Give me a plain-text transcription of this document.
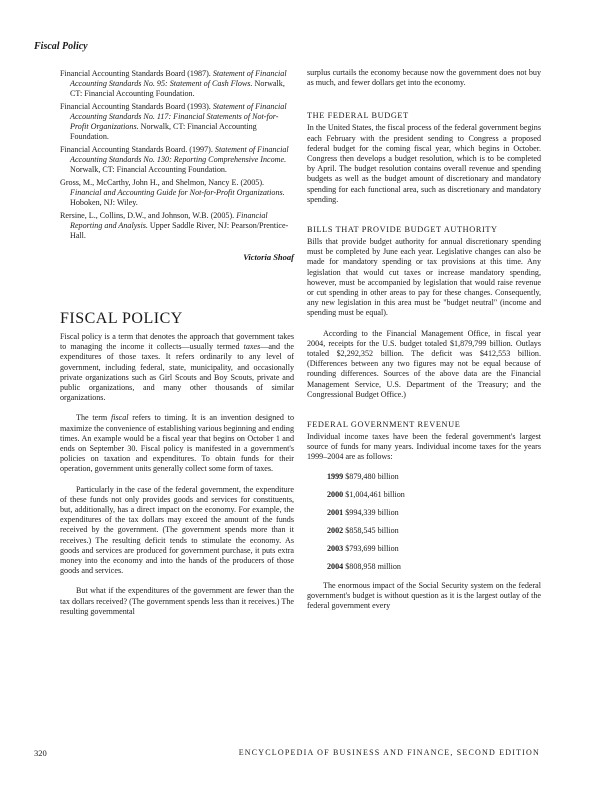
Fiscal Policy

Financial Accounting Standards Board (1987). Statement of Financial Accounting Standards No. 95: Statement of Cash Flows. Norwalk, CT: Financial Accounting Foundation.

Financial Accounting Standards Board (1993). Statement of Financial Accounting Standards No. 117: Financial Statements of Not-for-Profit Organizations. Norwalk, CT: Financial Accounting Foundation.

Financial Accounting Standards Board. (1997). Statement of Financial Accounting Standards No. 130: Reporting Comprehensive Income. Norwalk, CT: Financial Accounting Foundation.

Gross, M., McCarthy, John H., and Shelmon, Nancy E. (2005). Financial and Accounting Guide for Not-for-Profit Organizations. Hoboken, NJ: Wiley.

Rersine, L., Collins, D.W., and Johnson, W.B. (2005). Financial Reporting and Analysis. Upper Saddle River, NJ: Pearson/Prentice-Hall.

Victoria Shoaf
FISCAL POLICY

Fiscal policy is a term that denotes the approach that government takes to managing the income it collects—usually termed taxes—and the expenditures of those taxes. It refers ordinarily to any level of government, including federal, state, municipality, and occasionally private organizations such as Girl Scouts and Boy Scouts, private and public organizations, and many other thousands of similar organizations.

The term fiscal refers to timing. It is an invention designed to maximize the convenience of establishing various beginning and ending times. An example would be a fiscal year that begins on October 1 and ends on September 30. Fiscal policy is manifested in a government's policies on taxation and expenditures. To obtain funds for their operation, government units generally collect some form of taxes.

Particularly in the case of the federal government, the expenditure of these funds not only provides goods and services for constituents, but, additionally, has a direct impact on the economy. For example, the expenditures of the tax dollars may exceed the amount of the funds received by the government. (The government spends more than it receives.) The resulting deficit tends to stimulate the economy. As goods and services are produced for government purchase, it puts extra money into the economy and into the hands of the producers of those goods and services.

But what if the expenditures of the government are fewer than the tax dollars received? (The government spends less than it receives.) The resulting governmental

surplus curtails the economy because now the government does not buy as much, and fewer dollars get into the economy.

THE FEDERAL BUDGET

In the United States, the fiscal process of the federal government begins each February with the president sending to Congress a proposed federal budget for the coming fiscal year, which begins in October. Congress then develops a budget resolution, which is to be completed by April. The budget resolution contains overall revenue and spending budgets as well as the budget amount of discretionary and mandatory spending for each functional area, such as discretionary and mandatory spending.

BILLS THAT PROVIDE BUDGET AUTHORITY

Bills that provide budget authority for annual discretionary spending must be completed by June each year. Legislative changes can also be made for mandatory spending or tax provisions at this time. Any legislation that would cut taxes or increase mandatory spending, however, must be accompanied by legislation that would raise revenue or cut spending in other areas to pay for these changes. Consequently, any new legislation in this area must be "budget neutral" (income and spending must be equal).

According to the Financial Management Office, in fiscal year 2004, receipts for the U.S. budget totaled $1,879,799 billion. Outlays totaled $2,292,352 billion. The deficit was $412,553 billion. (Differences between any two figures may not be equal because of rounding differences. Sources of the above data are the Financial Management Service, U.S. Department of the Treasury; and the Congressional Budget Office.)

FEDERAL GOVERNMENT REVENUE

Individual income taxes have been the federal government's largest source of funds for many years. Individual income taxes for the years 1999–2004 are as follows:

1999 $879,480 billion
2000 $1,004,461 billion
2001 $994,339 billion
2002 $858,545 billion
2003 $793,699 billion
2004 $808,958 million

The enormous impact of the Social Security system on the federal government's budget is without question as it is the largest outlay of the federal government every

320	ENCYCLOPEDIA OF BUSINESS AND FINANCE, SECOND EDITION
